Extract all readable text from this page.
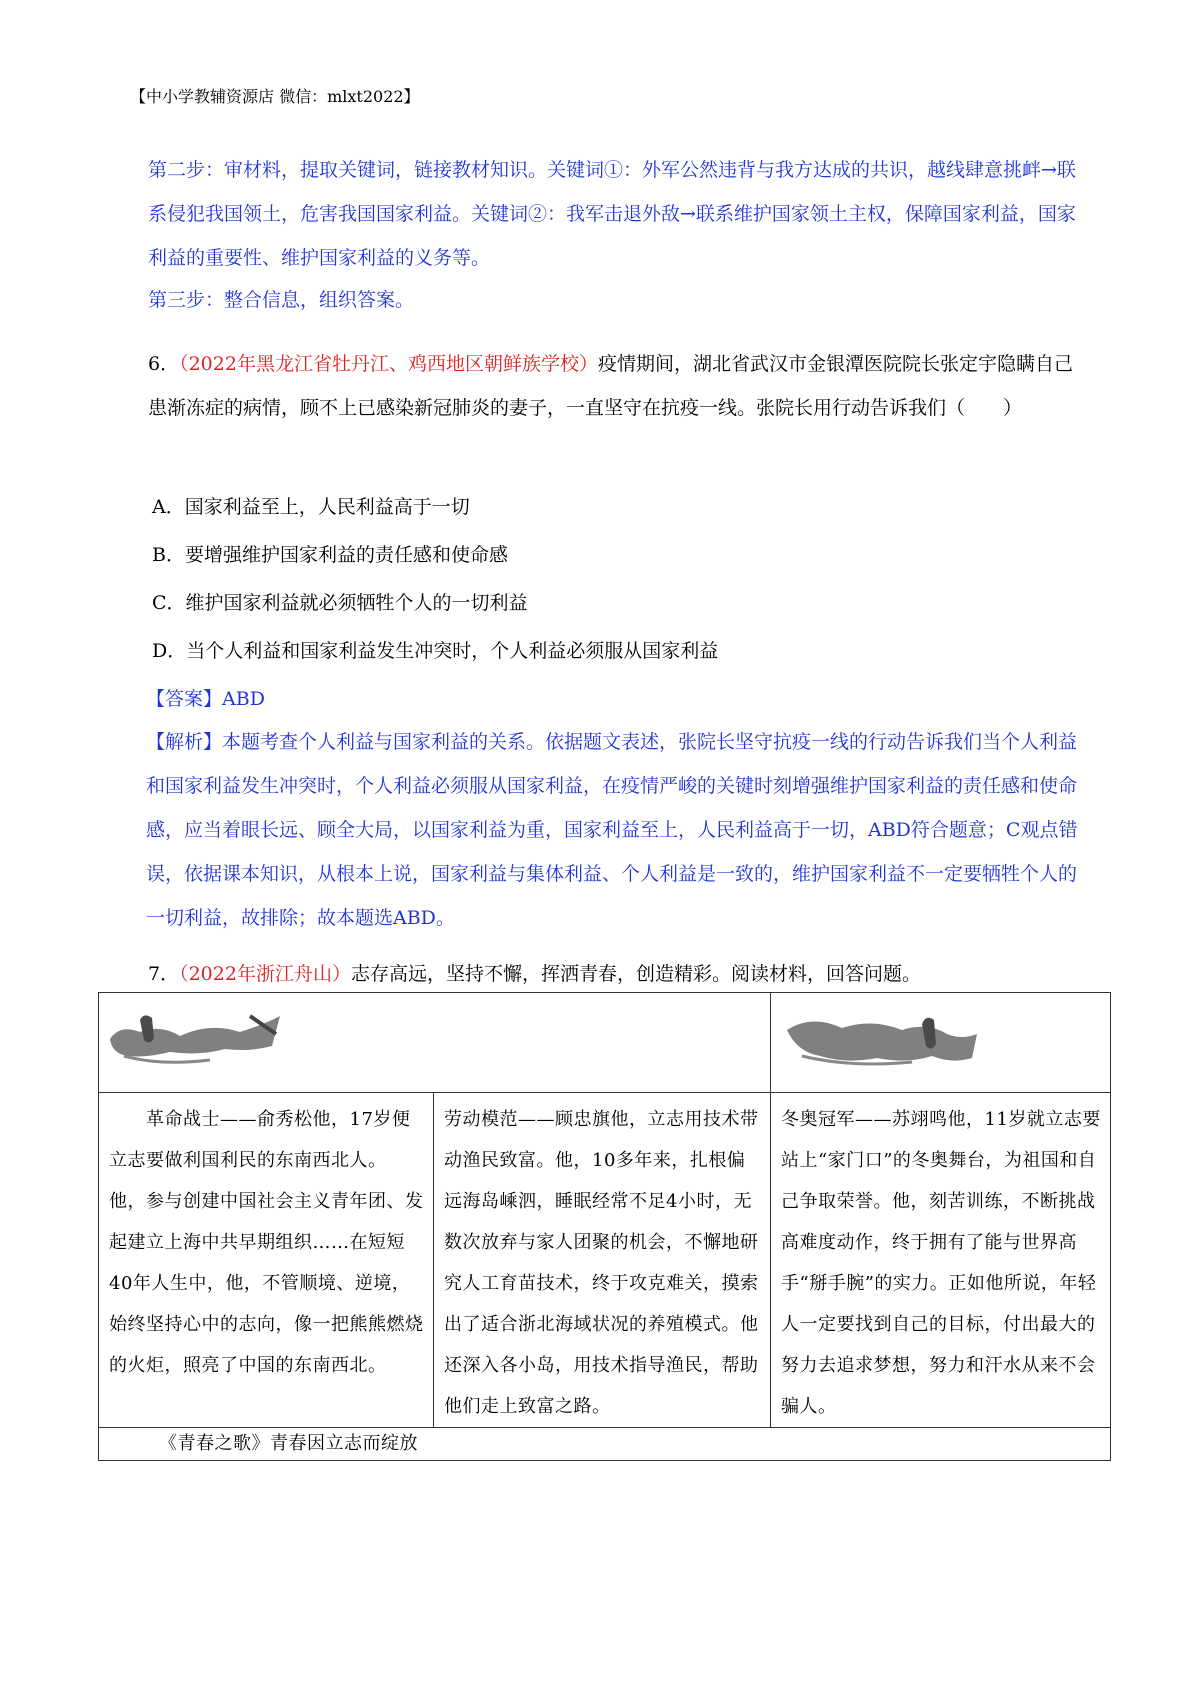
【中小学教辅资源店 微信：mlxt2022】

第二步：审材料，提取关键词，链接教材知识。关键词①：外军公然违背与我方达成的共识，越线肆意挑衅→联系侵犯我国领土，危害我国国家利益。关键词②：我军击退外敌→联系维护国家领土主权，保障国家利益，国家利益的重要性、维护国家利益的义务等。

第三步：整合信息，组织答案。

6．（2022年黑龙江省牡丹江、鸡西地区朝鲜族学校）疫情期间，湖北省武汉市金银潭医院院长张定宇隐瞒自己患渐冻症的病情，顾不上已感染新冠肺炎的妻子，一直坚守在抗疫一线。张院长用行动告诉我们（　　）

A．国家利益至上，人民利益高于一切
B．要增强维护国家利益的责任感和使命感
C．维护国家利益就必须牺牲个人的一切利益
D．当个人利益和国家利益发生冲突时，个人利益必须服从国家利益
【答案】ABD

【解析】本题考查个人利益与国家利益的关系。依据题文表述，张院长坚守抗疫一线的行动告诉我们当个人利益和国家利益发生冲突时，个人利益必须服从国家利益，在疫情严峻的关键时刻增强维护国家利益的责任感和使命感，应当着眼长远、顾全大局，以国家利益为重，国家利益至上，人民利益高于一切，ABD符合题意；C观点错误，依据课本知识，从根本上说，国家利益与集体利益、个人利益是一致的，维护国家利益不一定要牺牲个人的一切利益，故排除；故本题选ABD。

7．（2022年浙江舟山）志存高远，坚持不懈，挥洒青春，创造精彩。阅读材料，回答问题。

　　革命战士——俞秀松他，17岁便立志要做利国利民的东南西北人。
他，参与创建中国社会主义青年团、发起建立上海中共早期组织……在短短40年人生中，他，不管顺境、逆境，始终坚持心中的志向，像一把熊熊燃烧的火炬，照亮了中国的东南西北。	劳动模范——顾忠旗他，立志用技术带动渔民致富。他，10多年来，扎根偏远海岛嵊泗，睡眠经常不足4小时，无数次放弃与家人团聚的机会，不懈地研究人工育苗技术，终于攻克难关，摸索出了适合浙北海域状况的养殖模式。他还深入各小岛，用技术指导渔民，帮助他们走上致富之路。	冬奥冠军——苏翊鸣他，11岁就立志要站上“家门口”的冬奥舞台，为祖国和自己争取荣誉。他，刻苦训练，不断挑战高难度动作，终于拥有了能与世界高手“掰手腕”的实力。正如他所说，年轻人一定要找到自己的目标，付出最大的努力去追求梦想，努力和汗水从来不会骗人。
《青春之歌》青春因立志而绽放		
